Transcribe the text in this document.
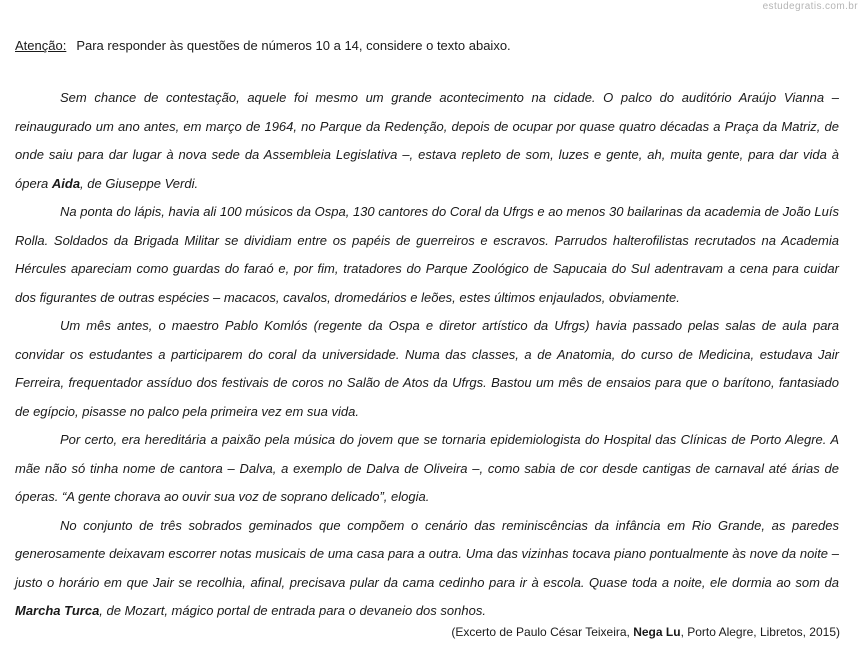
estudegratis.com.br
Atenção: Para responder às questões de números 10 a 14, considere o texto abaixo.

Sem chance de contestação, aquele foi mesmo um grande acontecimento na cidade. O palco do auditório Araújo Vianna – reinaugurado um ano antes, em março de 1964, no Parque da Redenção, depois de ocupar por quase quatro décadas a Praça da Matriz, de onde saiu para dar lugar à nova sede da Assembleia Legislativa –, estava repleto de som, luzes e gente, ah, muita gente, para dar vida à ópera Aida, de Giuseppe Verdi.

Na ponta do lápis, havia ali 100 músicos da Ospa, 130 cantores do Coral da Ufrgs e ao menos 30 bailarinas da academia de João Luís Rolla. Soldados da Brigada Militar se dividiam entre os papéis de guerreiros e escravos. Parrudos halterofilistas recrutados na Academia Hércules apareciam como guardas do faraó e, por fim, tratadores do Parque Zoológico de Sapucaia do Sul adentravam a cena para cuidar dos figurantes de outras espécies – macacos, cavalos, dromedários e leões, estes últimos enjaulados, obviamente.

Um mês antes, o maestro Pablo Komlós (regente da Ospa e diretor artístico da Ufrgs) havia passado pelas salas de aula para convidar os estudantes a participarem do coral da universidade. Numa das classes, a de Anatomia, do curso de Medicina, estudava Jair Ferreira, frequentador assíduo dos festivais de coros no Salão de Atos da Ufrgs. Bastou um mês de ensaios para que o barítono, fantasiado de egípcio, pisasse no palco pela primeira vez em sua vida.

Por certo, era hereditária a paixão pela música do jovem que se tornaria epidemiologista do Hospital das Clínicas de Porto Alegre. A mãe não só tinha nome de cantora – Dalva, a exemplo de Dalva de Oliveira –, como sabia de cor desde cantigas de carnaval até árias de óperas. “A gente chorava ao ouvir sua voz de soprano delicado”, elogia.

No conjunto de três sobrados geminados que compõem o cenário das reminiscências da infância em Rio Grande, as paredes generosamente deixavam escorrer notas musicais de uma casa para a outra. Uma das vizinhas tocava piano pontualmente às nove da noite – justo o horário em que Jair se recolhia, afinal, precisava pular da cama cedinho para ir à escola. Quase toda a noite, ele dormia ao som da Marcha Turca, de Mozart, mágico portal de entrada para o devaneio dos sonhos.

(Excerto de Paulo César Teixeira, Nega Lu, Porto Alegre, Libretos, 2015)
